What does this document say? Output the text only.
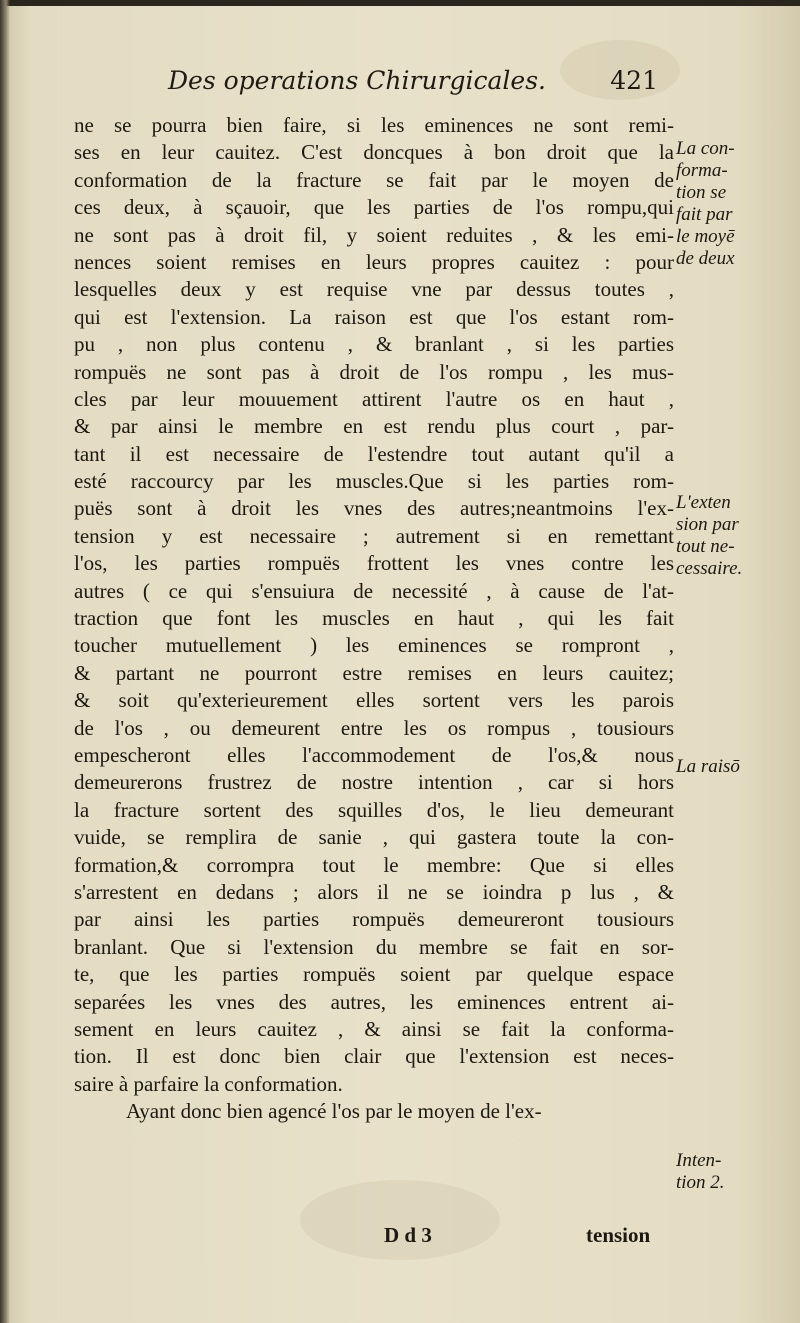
Des operations Chirurgicales.	421
ne se pourra bien faire, si les eminences ne sont remi-
ses en leur cauitez. C'est doncques à bon droit que la
conformation de la fracture se fait par le moyen de
ces deux, à sçauoir, que les parties de l'os rompu,qui
ne sont pas à droit fil, y soient reduites , & les emi-
nences soient remises en leurs propres cauitez : pour
lesquelles deux y est requise vne par dessus toutes ,
qui est l'extension. La raison est que l'os estant rom-
pu , non plus contenu , & branlant , si les parties
rompuës ne sont pas à droit de l'os rompu , les mus-
cles par leur mouuement attirent l'autre os en haut ,
& par ainsi le membre en est rendu plus court , par-
tant il est necessaire de l'estendre tout autant qu'il a
esté raccourcy par les muscles.Que si les parties rom-
puës sont à droit les vnes des autres;neantmoins l'ex-
tension y est necessaire ; autrement si en remettant
l'os, les parties rompuës frottent les vnes contre les
autres ( ce qui s'ensuiura de necessité , à cause de l'at-
traction que font les muscles en haut , qui les fait
toucher mutuellement ) les eminences se rompront ,
& partant ne pourront estre remises en leurs cauitez;
& soit qu'exterieurement elles sortent vers les parois
de l'os , ou demeurent entre les os rompus , tousiours
empescheront elles l'accommodement de l'os,& nous
demeurerons frustrez de nostre intention , car si hors
la fracture sortent des squilles d'os, le lieu demeurant
vuide, se remplira de sanie , qui gastera toute la con-
formation,& corrompra tout le membre: Que si elles
s'arrestent en dedans ; alors il ne se ioindra p lus , &
par ainsi les parties rompuës demeureront tousiours
branlant. Que si l'extension du membre se fait en sor-
te, que les parties rompuës soient par quelque espace
separées les vnes des autres, les eminences entrent ai-
sement en leurs cauitez , & ainsi se fait la conforma-
tion. Il est donc bien clair que l'extension est neces-
saire à parfaire la conformation.
Ayant donc bien agencé l'os par le moyen de l'ex-
La con-
forma-
tion se
fait par
le moyē
de deux
L'exten
sion par
tout ne-
cessaire.
La raisō
Inten-
tion 2.
D d 3	tension
